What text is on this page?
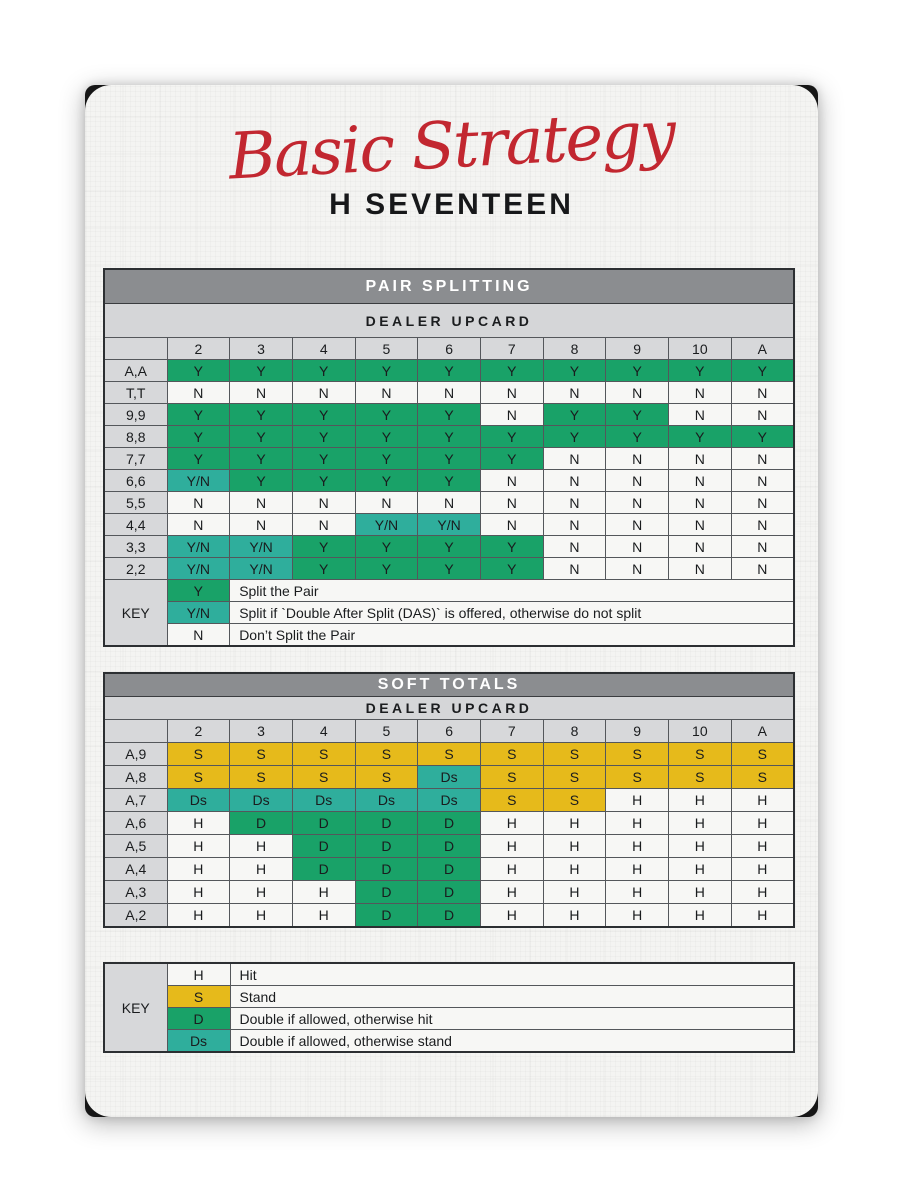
Basic Strategy
H SEVENTEEN
PAIR SPLITTING										
DEALER UPCARD										
	2	3	4	5	6	7	8	9	10	A
A,A	Y	Y	Y	Y	Y	Y	Y	Y	Y	Y
T,T	N	N	N	N	N	N	N	N	N	N
9,9	Y	Y	Y	Y	Y	N	Y	Y	N	N
8,8	Y	Y	Y	Y	Y	Y	Y	Y	Y	Y
7,7	Y	Y	Y	Y	Y	Y	N	N	N	N
6,6	Y/N	Y	Y	Y	Y	N	N	N	N	N
5,5	N	N	N	N	N	N	N	N	N	N
4,4	N	N	N	Y/N	Y/N	N	N	N	N	N
3,3	Y/N	Y/N	Y	Y	Y	Y	N	N	N	N
2,2	Y/N	Y/N	Y	Y	Y	Y	N	N	N	N
KEY	Y	Split the Pair								
	Y/N	Split if `Double After Split (DAS)` is offered, otherwise do not split								
	N	Don’t Split the Pair								
SOFT TOTALS										
DEALER UPCARD										
	2	3	4	5	6	7	8	9	10	A
A,9	S	S	S	S	S	S	S	S	S	S
A,8	S	S	S	S	Ds	S	S	S	S	S
A,7	Ds	Ds	Ds	Ds	Ds	S	S	H	H	H
A,6	H	D	D	D	D	H	H	H	H	H
A,5	H	H	D	D	D	H	H	H	H	H
A,4	H	H	D	D	D	H	H	H	H	H
A,3	H	H	H	D	D	H	H	H	H	H
A,2	H	H	H	D	D	H	H	H	H	H
KEY	H	Hit
	S	Stand
	D	Double if allowed, otherwise hit
	Ds	Double if allowed, otherwise stand
